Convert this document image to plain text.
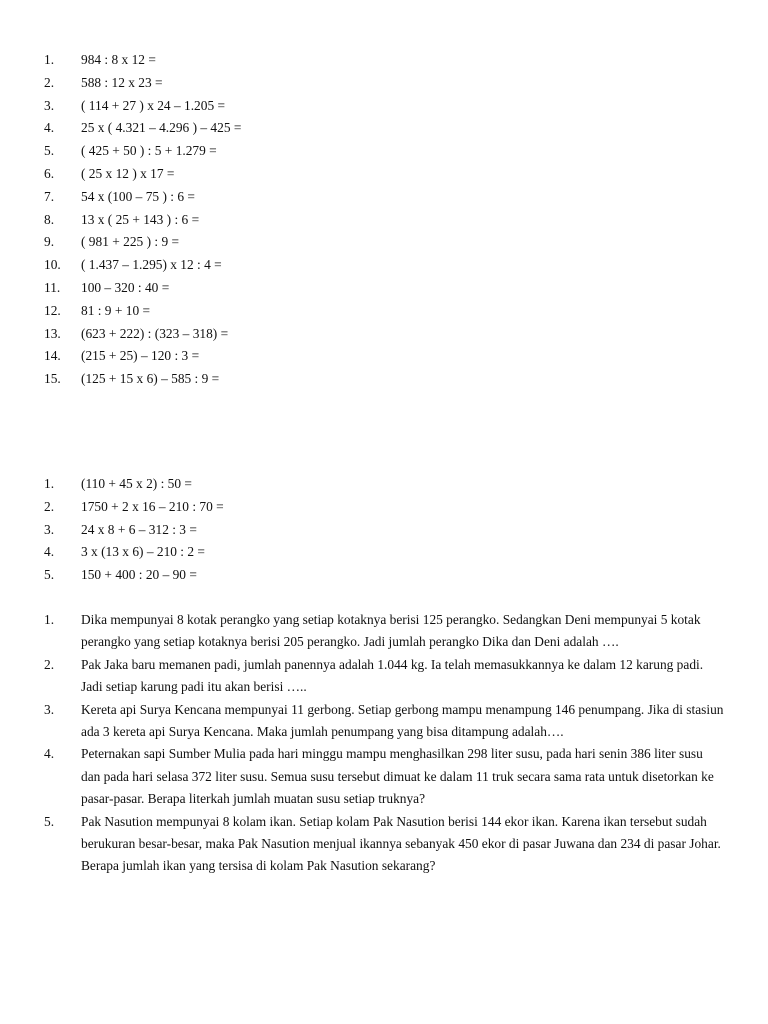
1.	984 : 8 x 12 =
2.	588 : 12 x 23 =
3.	( 114 + 27 ) x 24 – 1.205 =
4.	25 x ( 4.321 – 4.296 ) – 425 =
5.	( 425 + 50 ) : 5 + 1.279 =
6.	( 25 x 12 ) x 17 =
7.	54 x (100 – 75 ) : 6 =
8.	13 x ( 25 + 143 ) : 6 =
9.	( 981 + 225 ) : 9 =
10.	( 1.437 – 1.295) x 12 : 4 =
11.	100 – 320 : 40 =
12.	81 : 9 + 10 =
13.	(623 + 222) : (323 – 318) =
14.	(215 + 25) – 120 : 3 =
15.	(125 + 15 x 6) – 585 : 9 =
1.	(110 + 45 x 2) : 50 =
2.	1750 + 2 x 16 – 210 : 70 =
3.	24 x 8 + 6 – 312 : 3 =
4.	3 x (13 x 6) – 210 : 2 =
5.	150 + 400 : 20 – 90 =
1.	Dika mempunyai 8 kotak perangko yang setiap kotaknya berisi 125 perangko. Sedangkan Deni mempunyai 5 kotak perangko yang setiap kotaknya berisi 205 perangko. Jadi jumlah perangko Dika dan Deni adalah ….
2.	Pak Jaka baru memanen padi, jumlah panennya adalah 1.044 kg. Ia telah memasukkannya ke dalam 12 karung padi. Jadi setiap karung padi itu akan berisi …..
3.	Kereta api Surya Kencana mempunyai 11 gerbong. Setiap gerbong mampu menampung 146 penumpang. Jika di stasiun ada 3 kereta api Surya Kencana. Maka jumlah penumpang yang bisa ditampung adalah….
4.	Peternakan sapi Sumber Mulia pada hari minggu mampu menghasilkan 298 liter susu, pada hari senin 386 liter susu dan pada hari selasa 372 liter susu. Semua susu tersebut dimuat ke dalam 11 truk secara sama rata untuk disetorkan ke pasar-pasar. Berapa literkah jumlah muatan susu setiap truknya?
5.	Pak Nasution mempunyai 8 kolam ikan. Setiap kolam Pak Nasution berisi 144 ekor ikan. Karena ikan tersebut sudah berukuran besar-besar, maka Pak Nasution menjual ikannya sebanyak 450 ekor di pasar Juwana dan 234 di pasar Johar. Berapa jumlah ikan yang tersisa di kolam Pak Nasution sekarang?
